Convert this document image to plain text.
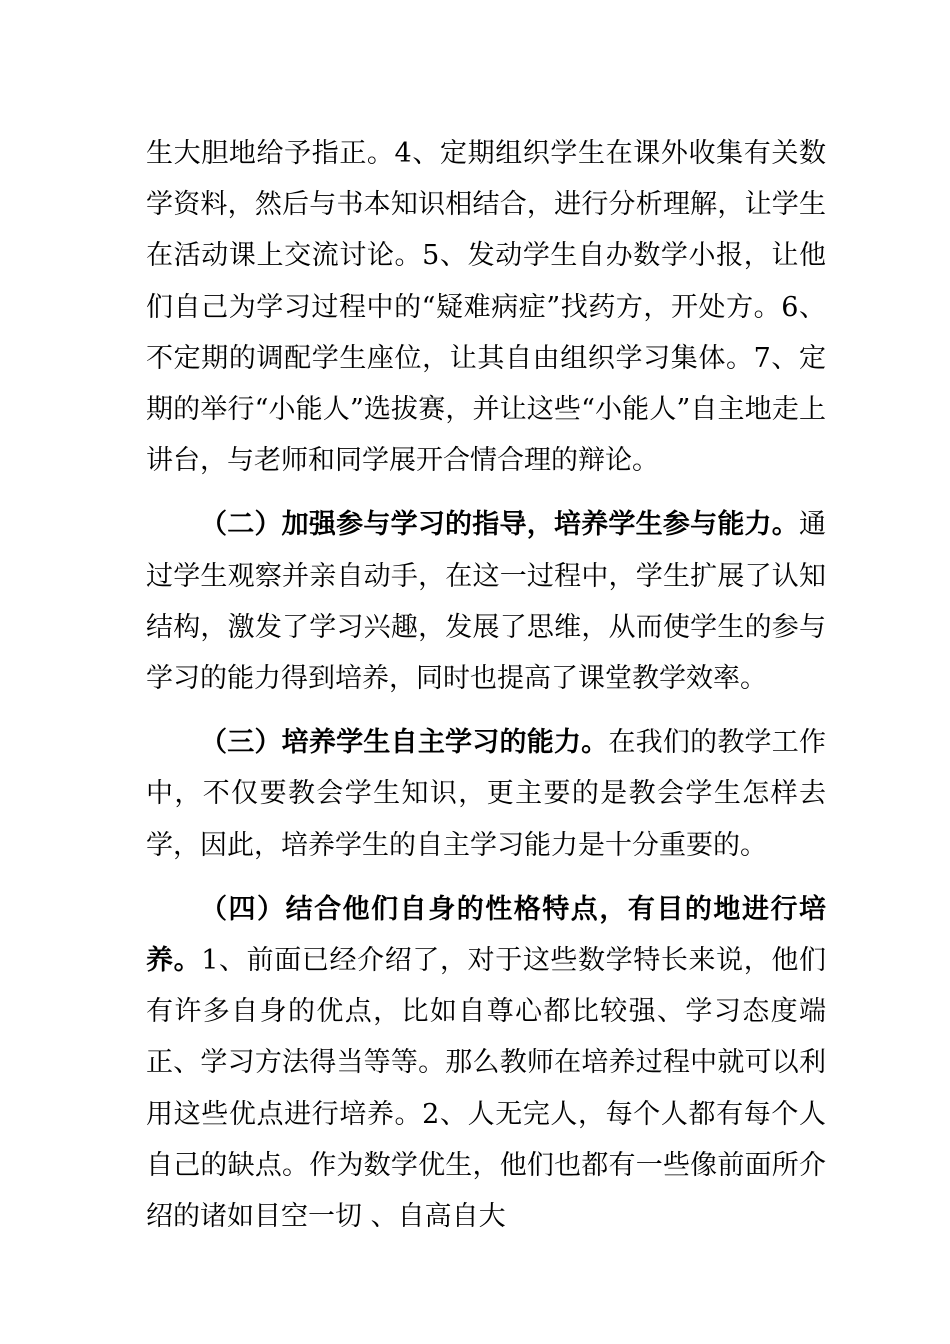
生大胆地给予指正。4、定期组织学生在课外收集有关数学资料，然后与书本知识相结合，进行分析理解，让学生在活动课上交流讨论。5、发动学生自办数学小报，让他们自己为学习过程中的“疑难病症”找药方，开处方。6、不定期的调配学生座位，让其自由组织学习集体。7、定期的举行“小能人”选拔赛，并让这些“小能人”自主地走上讲台，与老师和同学展开合情合理的辩论。

（二）加强参与学习的指导，培养学生参与能力。通过学生观察并亲自动手，在这一过程中，学生扩展了认知结构，激发了学习兴趣，发展了思维，从而使学生的参与学习的能力得到培养，同时也提高了课堂教学效率。

（三）培养学生自主学习的能力。在我们的教学工作中，不仅要教会学生知识，更主要的是教会学生怎样去学，因此，培养学生的自主学习能力是十分重要的。

（四）结合他们自身的性格特点，有目的地进行培养。1、前面已经介绍了，对于这些数学特长来说，他们有许多自身的优点，比如自尊心都比较强、学习态度端正、学习方法得当等等。那么教师在培养过程中就可以利用这些优点进行培养。2、人无完人，每个人都有每个人自己的缺点。作为数学优生，他们也都有一些像前面所介绍的诸如目空一切 、自高自大
